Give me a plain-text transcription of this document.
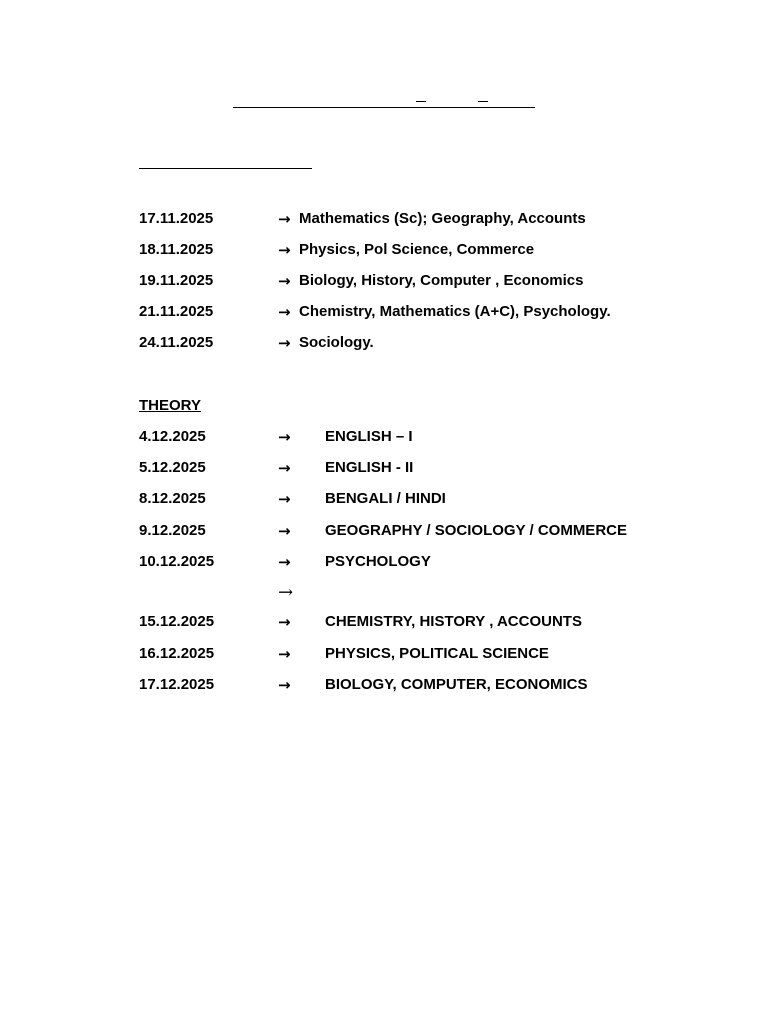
17.11.2025	→ Mathematics (Sc); Geography, Accounts
18.11.2025	→ Physics, Pol Science, Commerce
19.11.2025	→ Biology, History, Computer , Economics
21.11.2025	→ Chemistry, Mathematics (A+C), Psychology.
24.11.2025	→ Sociology.
THEORY
4.12.2025	→ ENGLISH – I
5.12.2025	→ ENGLISH - II
8.12.2025	→ BENGALI / HINDI
9.12.2025	→ GEOGRAPHY / SOCIOLOGY / COMMERCE
10.12.2025	→ PSYCHOLOGY
→
15.12.2025	→ CHEMISTRY, HISTORY , ACCOUNTS
16.12.2025	→ PHYSICS, POLITICAL SCIENCE
17.12.2025	→ BIOLOGY, COMPUTER, ECONOMICS
